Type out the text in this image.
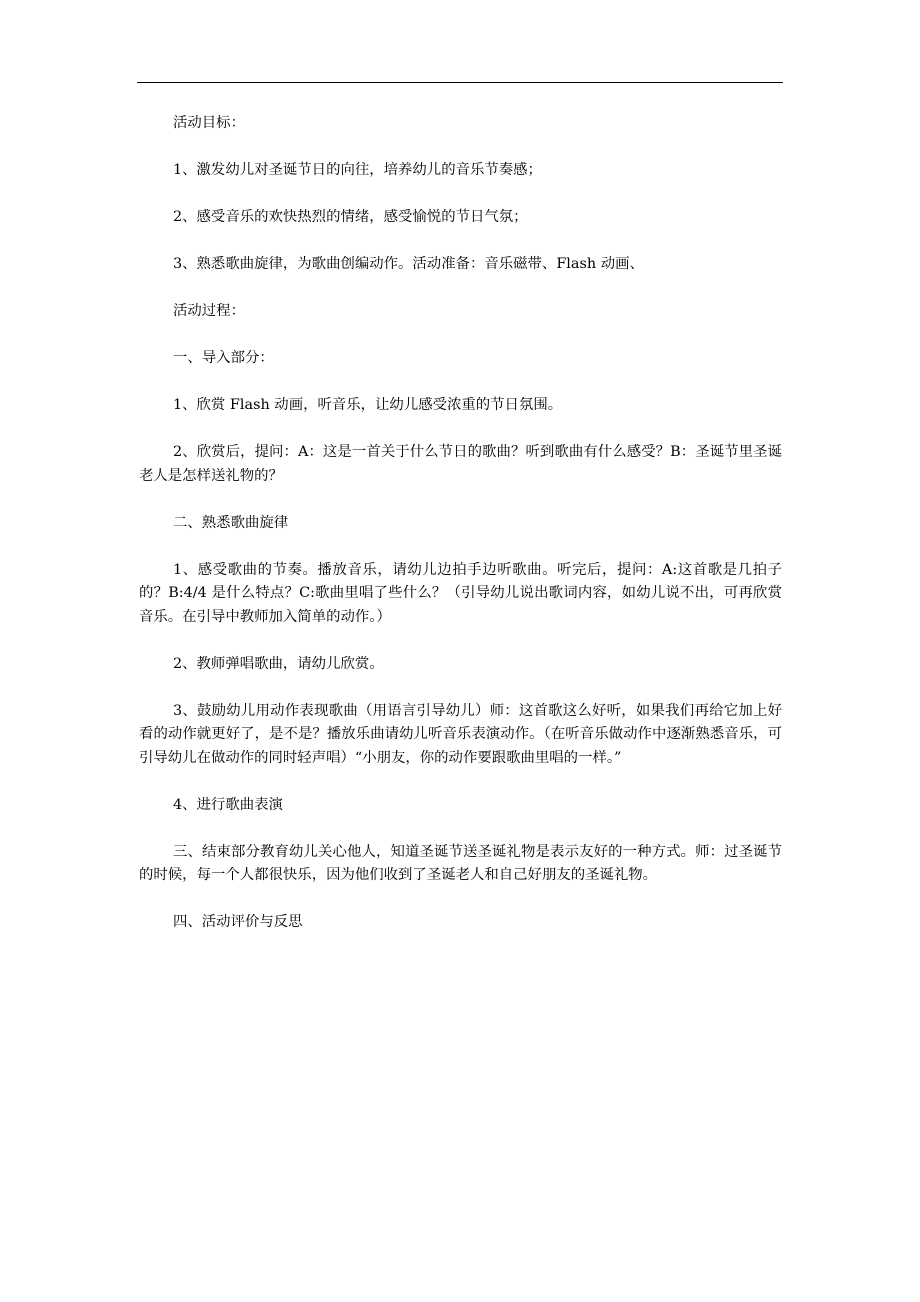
活动目标：

1、激发幼儿对圣诞节日的向往，培养幼儿的音乐节奏感；

2、感受音乐的欢快热烈的情绪，感受愉悦的节日气氛；

3、熟悉歌曲旋律，为歌曲创编动作。活动准备：音乐磁带、Flash 动画、

活动过程：

一、导入部分：

1、欣赏 Flash 动画，听音乐，让幼儿感受浓重的节日氛围。

2、欣赏后，提问：A：这是一首关于什么节日的歌曲？听到歌曲有什么感受？B：圣诞节里圣诞老人是怎样送礼物的？

二、熟悉歌曲旋律

1、感受歌曲的节奏。播放音乐，请幼儿边拍手边听歌曲。听完后，提问：A:这首歌是几拍子的？B:4/4 是什么特点？C:歌曲里唱了些什么？（引导幼儿说出歌词内容，如幼儿说不出，可再欣赏音乐。在引导中教师加入简单的动作。）

2、教师弹唱歌曲，请幼儿欣赏。

3、鼓励幼儿用动作表现歌曲（用语言引导幼儿）师：这首歌这么好听，如果我们再给它加上好看的动作就更好了，是不是？播放乐曲请幼儿听音乐表演动作。（在听音乐做动作中逐渐熟悉音乐，可引导幼儿在做动作的同时轻声唱）“小朋友，你的动作要跟歌曲里唱的一样。”

4、进行歌曲表演

三、结束部分教育幼儿关心他人，知道圣诞节送圣诞礼物是表示友好的一种方式。师：过圣诞节的时候，每一个人都很快乐，因为他们收到了圣诞老人和自己好朋友的圣诞礼物。

四、活动评价与反思
